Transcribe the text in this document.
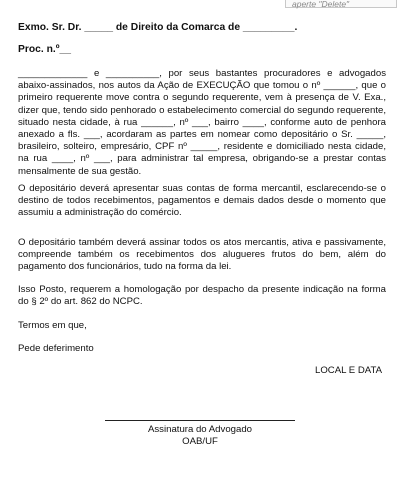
aperte "Delete"
Exmo. Sr. Dr. _____ de Direito da Comarca de _________.
Proc. n.º__
_____________ e __________, por seus bastantes procuradores e advogados abaixo-assinados, nos autos da Ação de EXECUÇÃO que tomou o nº ______, que o primeiro requerente move contra o segundo requerente, vem à presença de V. Exa., dizer que, tendo sido penhorado o estabelecimento comercial do segundo requerente, situado nesta cidade, à rua ______, nº ___, bairro ____, conforme auto de penhora anexado a fls. ___, acordaram as partes em nomear como depositário o Sr. _____, brasileiro, solteiro, empresário, CPF nº _____, residente e domiciliado nesta cidade, na rua ____, nº ___, para administrar tal empresa, obrigando-se a prestar contas mensalmente de sua gestão.
O depositário deverá apresentar suas contas de forma mercantil, esclarecendo-se o destino de todos recebimentos, pagamentos e demais dados desde o momento que assumiu a administração do comércio.
O depositário também deverá assinar todos os atos mercantis, ativa e passivamente, compreende também os recebimentos dos alugueres frutos do bem, além do pagamento dos funcionários, tudo na forma da lei.
Isso Posto, requerem a homologação por despacho da presente indicação na forma do § 2º do art. 862 do NCPC.
Termos em que,
Pede deferimento
LOCAL E DATA
Assinatura do Advogado
OAB/UF
